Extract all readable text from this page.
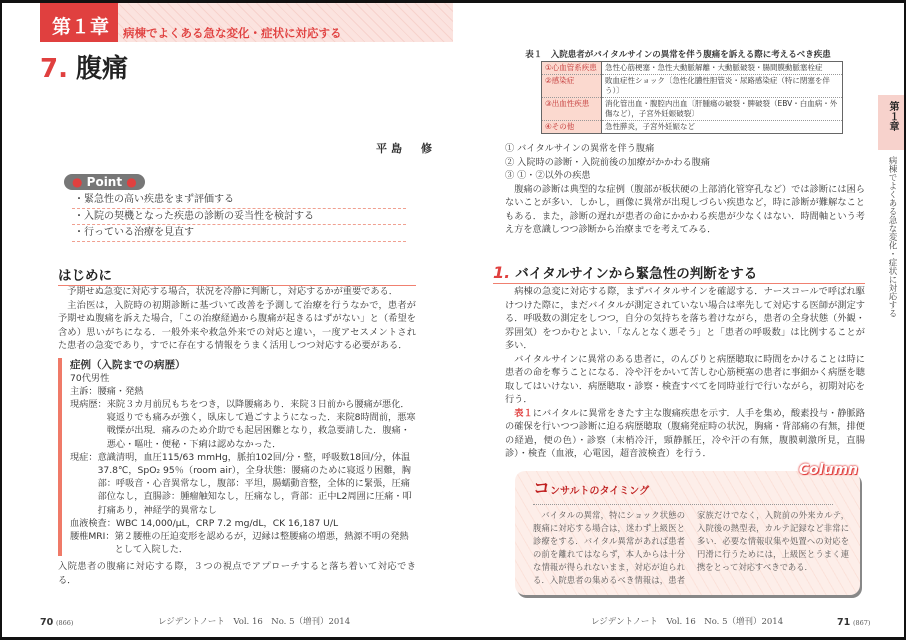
第１章	病棟でよくある急な変化・症状に対応する
7. 腹痛
平島　修
● Point ●
・緊急性の高い疾患をまず評価する
・入院の契機となった疾患の診断の妥当性を検討する
・行っている治療を見直す
はじめに

予期せぬ急変に対応する場合，状況を冷静に判断し，対応するかが重要である．

主治医は，入院時の初期診断に基づいて改善を予測して治療を行うなかで，患者が予期せぬ腹痛を訴えた場合，「この治療経過から腹痛が起きるはずがない」と（希望を含め）思いがちになる．一般外来や救急外来での対応と違い，一度アセスメントされた患者の急変であり，すでに存在する情報をうまく活用しつつ対応する必要がある．

症例（入院までの病歴）
70代男性
主訴： 腰痛・発熱
現病歴： 来院３カ月前尻もちをつき，以降腰痛あり．来院３日前から腰痛が悪化．寝返りでも痛みが強く，臥床して過ごすようになった．来院8時間前，悪寒戦慄が出現．痛みのため介助でも起居困難となり，救急要請した．腹痛・悪心・嘔吐・便秘・下痢は認めなかった．
現症： 意識清明，血圧115/63 mmHg，脈拍102回/分・整，呼吸数18回/分，体温37.8℃，SpO₂ 95％（room air），全身状態：腰痛のために寝返り困難，胸部：呼吸音・心音異常なし，腹部：平坦，腸蠕動音整，全体的に緊張，圧痛部位なし，直腸診：腫瘤触知なし，圧痛なし，背部：正中L2周囲に圧痛・叩打痛あり，神経学的異常なし
血液検査： WBC 14,000/μL，CRP 7.2 mg/dL，CK 16,187 U/L
腰椎MRI： 第２腰椎の圧迫変形を認めるが，辺縁は整腰痛の増悪，熱源不明の発熱として入院した．

入院患者の腹痛に対応する際，３つの視点でアプローチすると落ち着いて対応できる．

70 (866)	レジデントノート　Vol. 16　No. 5（増刊）2014
表１　入院患者がバイタルサインの異常を伴う腹痛を訴える際に考えるべき疾患
①心血管系疾患	急性心筋梗塞・急性大動脈解離・大動脈破裂・腸間膜動脈塞栓症
②感染症	敗血症性ショック〔急性化膿性胆管炎・尿路感染症（特に閉塞を伴う）〕
③出血性疾患	消化管出血・腹腔内出血〔肝腫瘍の破裂・脾破裂（EBV・白血病・外傷など），子宮外妊娠破裂〕
④その他	急性膵炎，子宮外妊娠など

① バイタルサインの異常を伴う腹痛

② 入院時の診断・入院前後の加療がかかわる腹痛

③ ①・②以外の疾患

腹痛の診断は典型的な症例（腹部が板状硬の上部消化管穿孔など）では診断には困らないことが多い．しかし，画像に異常が出現しづらい疾患など，時に診断が難解なこともある．また，診断の遅れが患者の命にかかわる疾患が少なくはない．時間軸という考え方を意識しつつ診断から治療までを考えてみる．

1. バイタルサインから緊急性の判断をする

病棟の急変に対応する際，まずバイタルサインを確認する．ナースコールで呼ばれ駆けつけた際に，まだバイタルが測定されていない場合は率先して対応する医師が測定する．呼吸数の測定をしつつ，自分の気持ちを落ち着けながら，患者の全身状態（外観・雰囲気）をつかむとよい．「なんとなく悪そう」と「患者の呼吸数」は比例することが多い．

バイタルサインに異常のある患者に，のんびりと病歴聴取に時間をかけることは時に患者の命を奪うことになる．冷や汗をかいて苦しむ心筋梗塞の患者に事細かく病歴を聴取してはいけない．病歴聴取・診察・検査すべてを同時並行で行いながら，初期対応を行う．

表１にバイタルに異常をきたす主な腹痛疾患を示す．人手を集め，酸素投与・静脈路の確保を行いつつ診断に迫る病歴聴取（腹痛発症時の状況，胸痛・背部痛の有無，排便の経過，便の色）・診察（末梢冷汗，頸静脈圧，冷や汗の有無，腹膜刺激所見，直腸診）・検査（血液，心電図，超音波検査）を行う．

Column
コンサルトのタイミング

バイタルの異常，特にショック状態の腹痛に対応する場合は，迷わず上級医と診療をする．バイタル異常があれば患者の前を離れてはならず，本人からは十分な情報が得られないまま，対応が迫られる．入院患者の集めるべき情報は，患者家族だけでなく，入院前の外来カルテ，入院後の熱型表，カルテ記録など非常に多い．必要な情報収集や処置への対応を円滑に行うためには，上級医とうまく連携をとって対応すべきである．

第１章
病棟でよくある急な変化・症状に対応する
レジデントノート　Vol. 16　No. 5（増刊）2014	71 (867)
